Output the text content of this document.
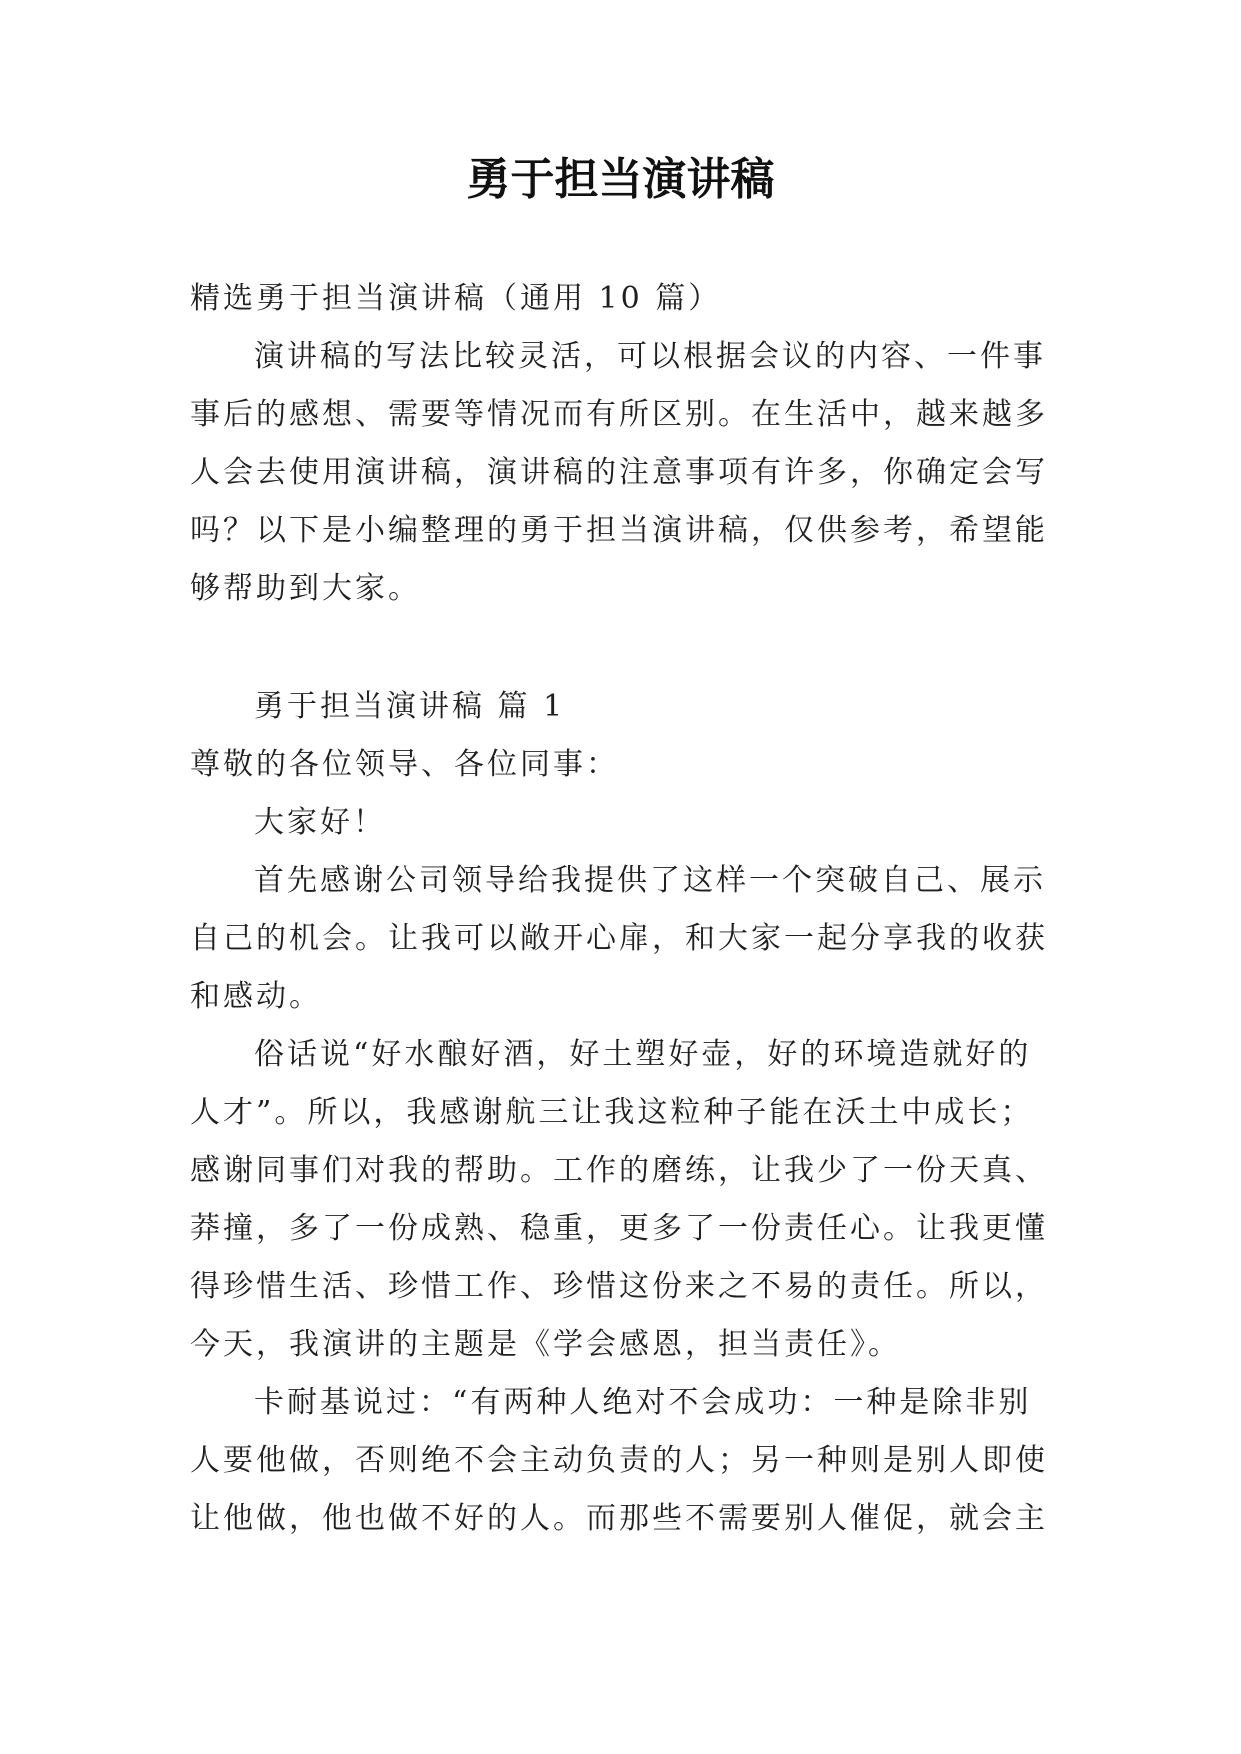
勇于担当演讲稿

精选勇于担当演讲稿（通用 10 篇）

演讲稿的写法比较灵活，可以根据会议的内容、一件事

事后的感想、需要等情况而有所区别。在生活中，越来越多

人会去使用演讲稿，演讲稿的注意事项有许多，你确定会写

吗？以下是小编整理的勇于担当演讲稿，仅供参考，希望能

够帮助到大家。

勇于担当演讲稿 篇 1

尊敬的各位领导、各位同事：

大家好！

首先感谢公司领导给我提供了这样一个突破自己、展示

自己的机会。让我可以敞开心扉，和大家一起分享我的收获

和感动。

俗话说“好水酿好酒，好土塑好壶，好的环境造就好的

人才”。所以，我感谢航三让我这粒种子能在沃土中成长；

感谢同事们对我的帮助。工作的磨练，让我少了一份天真、

莽撞，多了一份成熟、稳重，更多了一份责任心。让我更懂

得珍惜生活、珍惜工作、珍惜这份来之不易的责任。所以，

今天，我演讲的主题是《学会感恩，担当责任》。

卡耐基说过：“有两种人绝对不会成功：一种是除非别

人要他做，否则绝不会主动负责的人；另一种则是别人即使

让他做，他也做不好的人。而那些不需要别人催促，就会主
